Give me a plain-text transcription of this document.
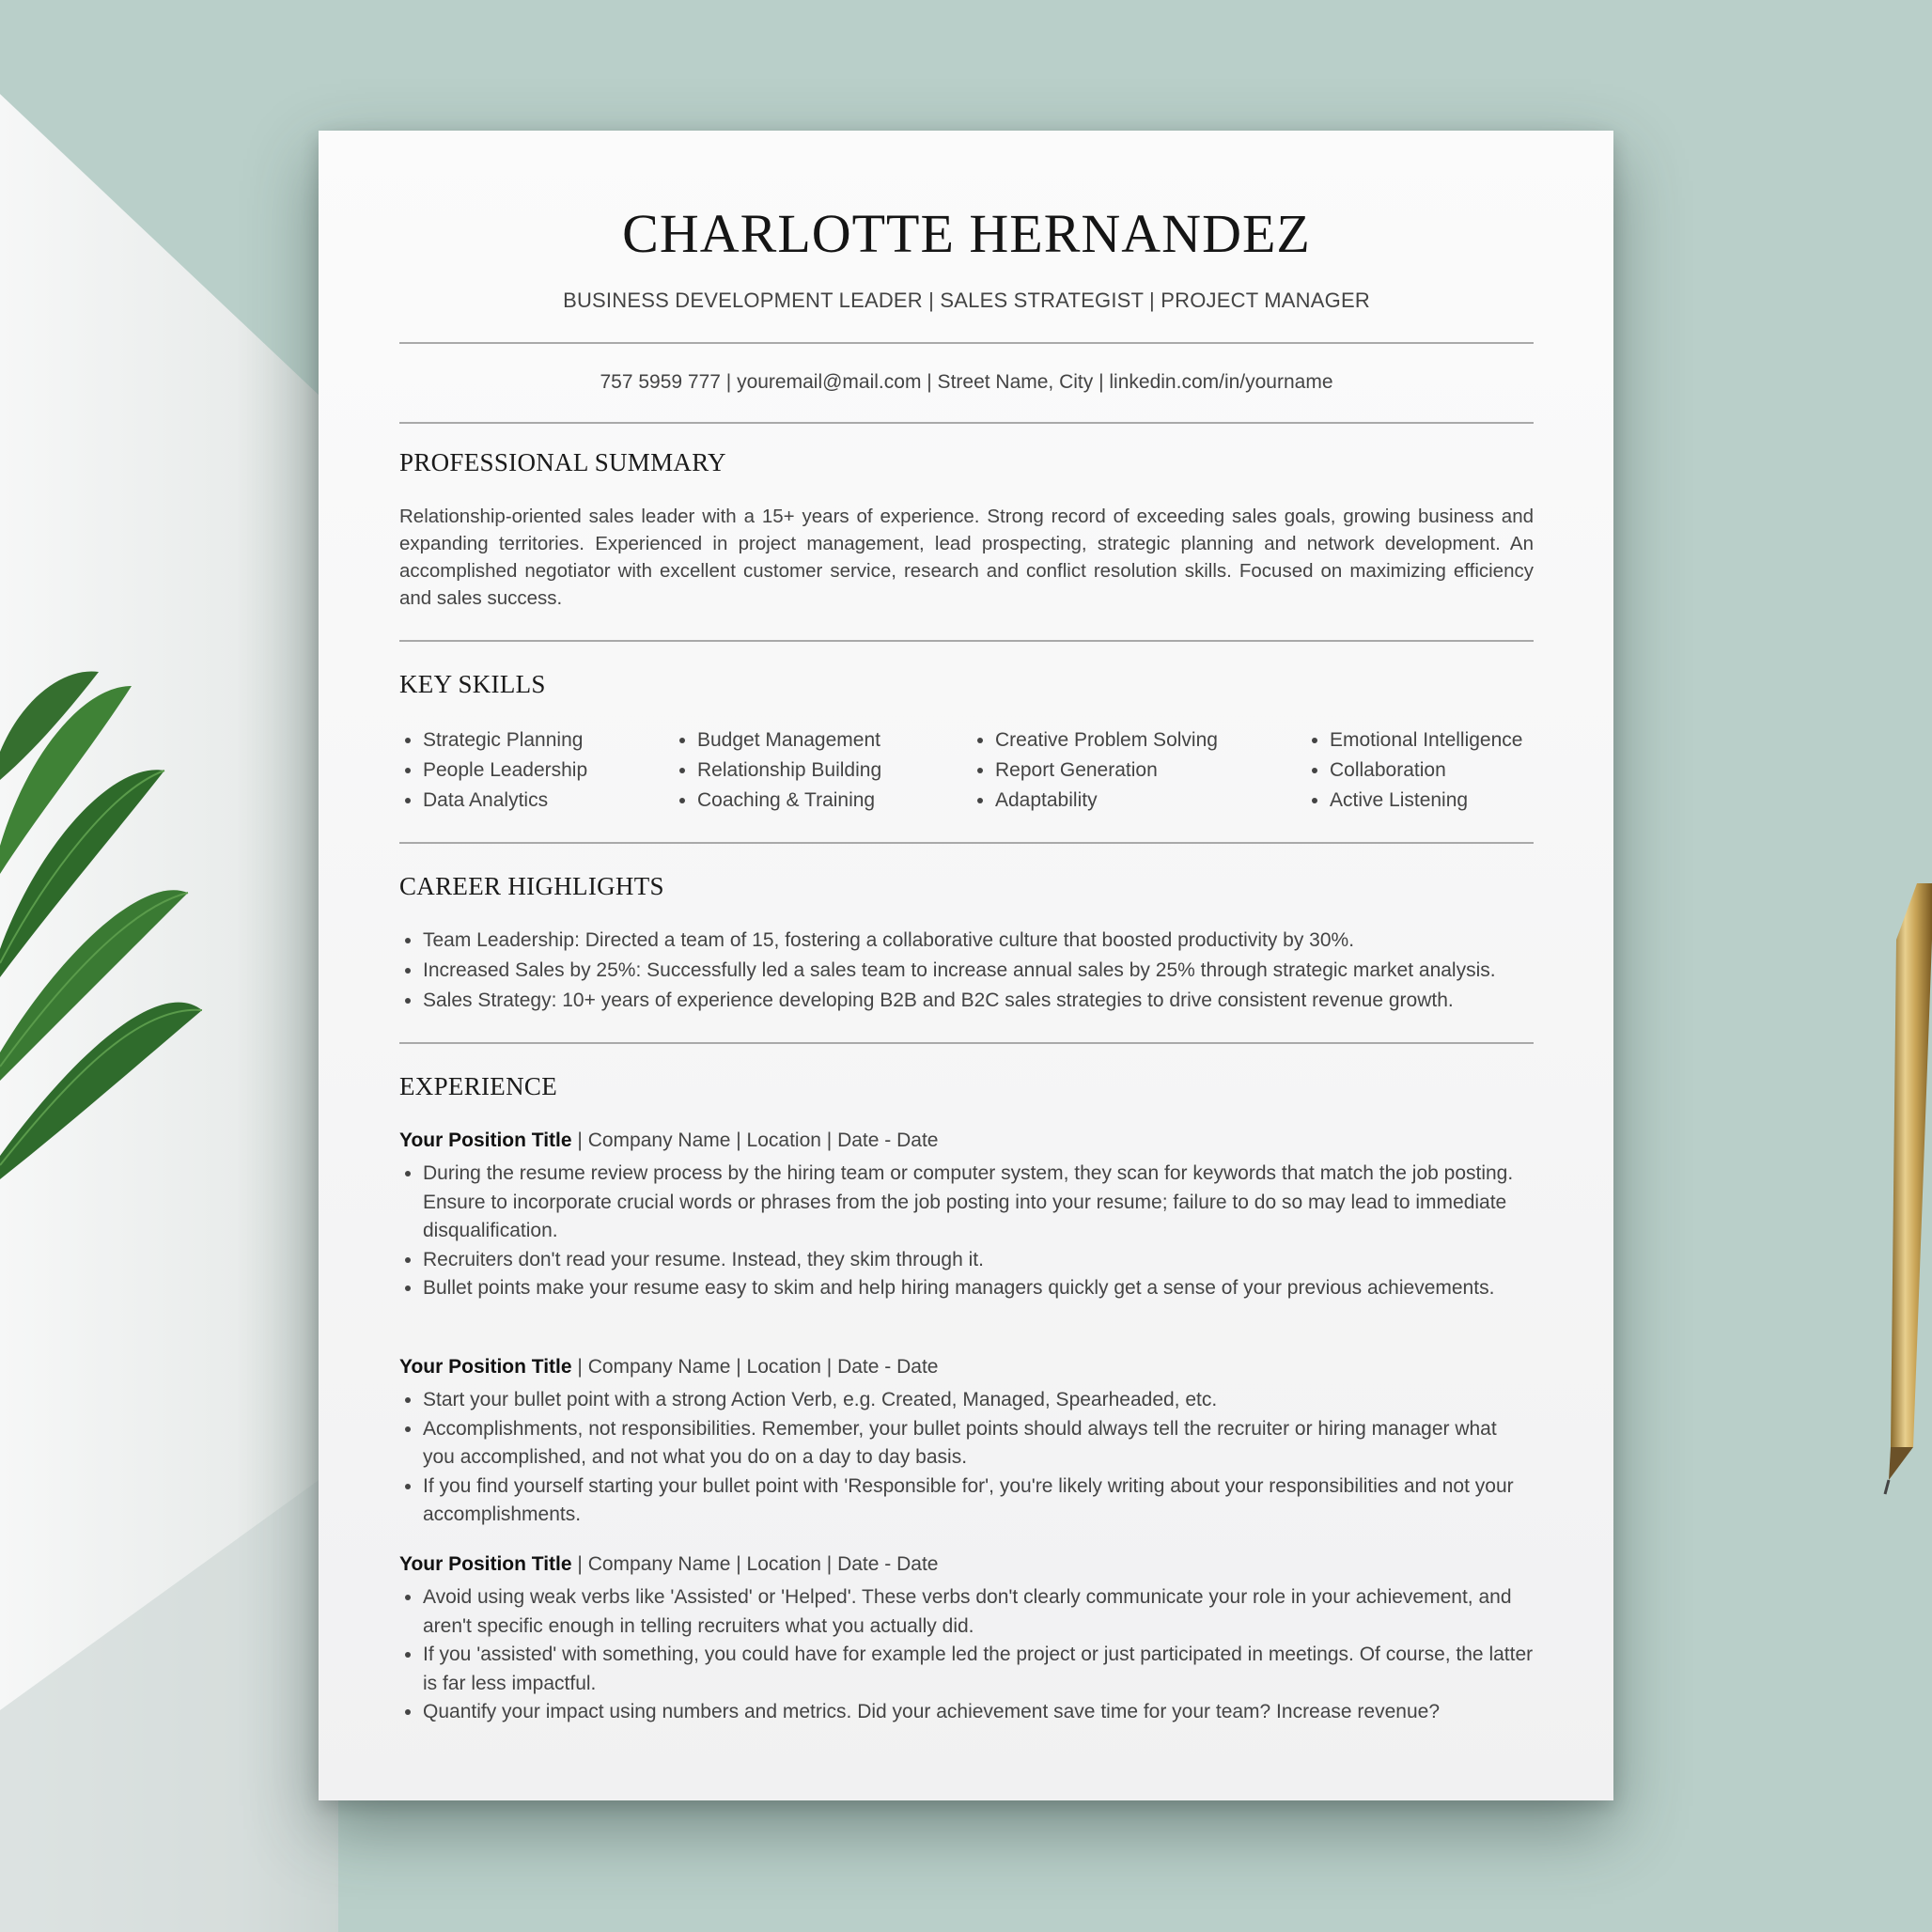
CHARLOTTE HERNANDEZ
BUSINESS DEVELOPMENT LEADER | SALES STRATEGIST | PROJECT MANAGER
757 5959 777 | youremail@mail.com | Street Name, City | linkedin.com/in/yourname
PROFESSIONAL SUMMARY

Relationship-oriented sales leader with a 15+ years of experience. Strong record of exceeding sales goals, growing business and expanding territories. Experienced in project management, lead prospecting, strategic planning and network development. An accomplished negotiator with excellent customer service, research and conflict resolution skills. Focused on maximizing efficiency and sales success.

KEY SKILLS
• Strategic Planning
• People Leadership
• Data Analytics
• Budget Management
• Relationship Building
• Coaching & Training
• Creative Problem Solving
• Report Generation
• Adaptability
• Emotional Intelligence
• Collaboration
• Active Listening
CAREER HIGHLIGHTS
• Team Leadership: Directed a team of 15, fostering a collaborative culture that boosted productivity by 30%.
• Increased Sales by 25%: Successfully led a sales team to increase annual sales by 25% through strategic market analysis.
• Sales Strategy: 10+ years of experience developing B2B and B2C sales strategies to drive consistent revenue growth.
EXPERIENCE
Your Position Title | Company Name | Location | Date - Date
• During the resume review process by the hiring team or computer system, they scan for keywords that match the job posting. Ensure to incorporate crucial words or phrases from the job posting into your resume; failure to do so may lead to immediate disqualification.
• Recruiters don't read your resume. Instead, they skim through it.
• Bullet points make your resume easy to skim and help hiring managers quickly get a sense of your previous achievements.
Your Position Title | Company Name | Location | Date - Date
• Start your bullet point with a strong Action Verb, e.g. Created, Managed, Spearheaded, etc.
• Accomplishments, not responsibilities. Remember, your bullet points should always tell the recruiter or hiring manager what you accomplished, and not what you do on a day to day basis.
• If you find yourself starting your bullet point with 'Responsible for', you're likely writing about your responsibilities and not your accomplishments.
Your Position Title | Company Name | Location | Date - Date
• Avoid using weak verbs like 'Assisted' or 'Helped'. These verbs don't clearly communicate your role in your achievement, and aren't specific enough in telling recruiters what you actually did.
• If you 'assisted' with something, you could have for example led the project or just participated in meetings. Of course, the latter is far less impactful.
• Quantify your impact using numbers and metrics. Did your achievement save time for your team? Increase revenue?
